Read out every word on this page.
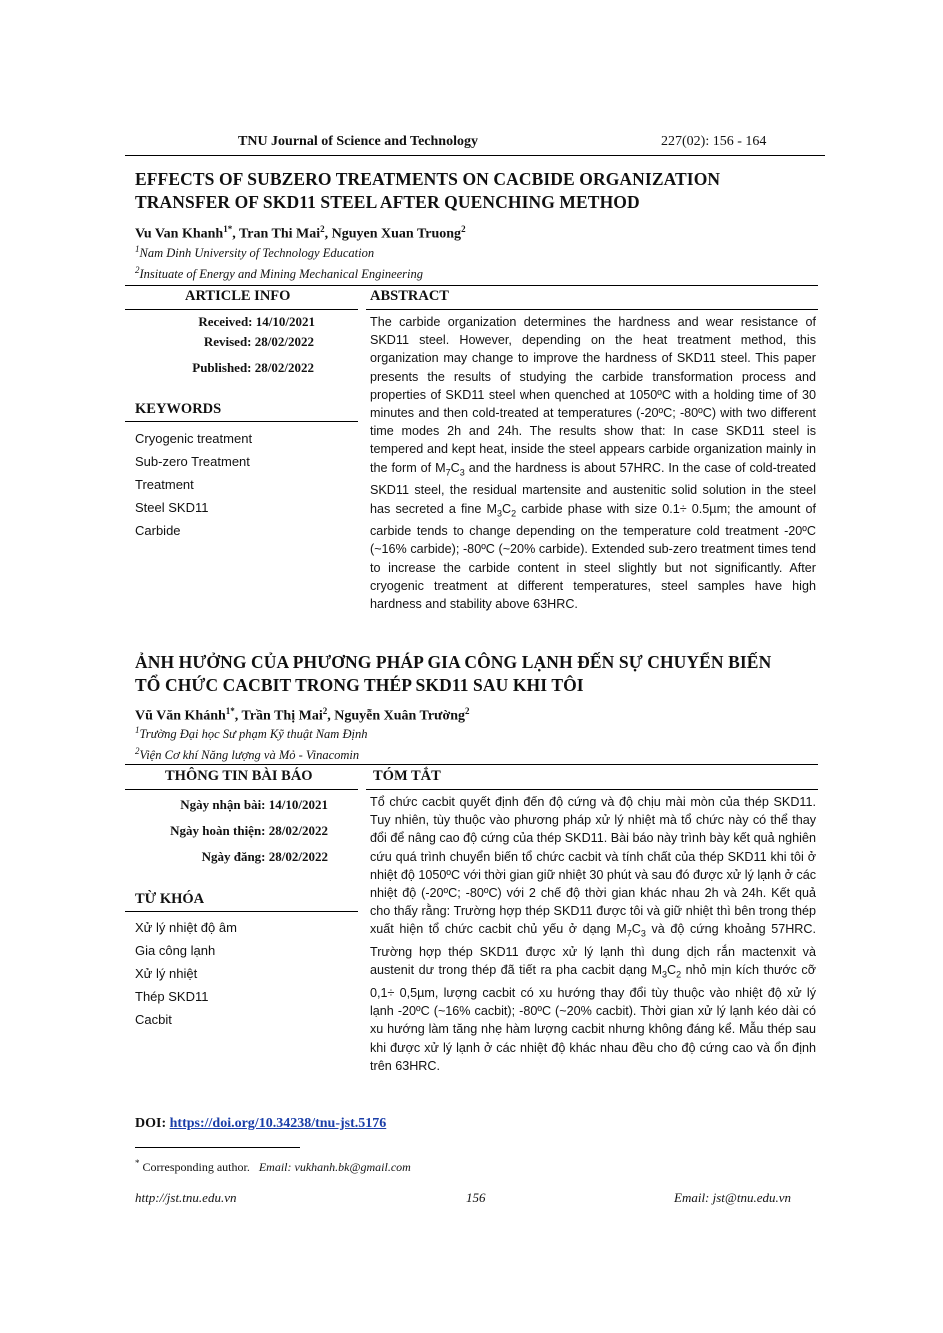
TNU Journal of Science and Technology	227(02): 156 - 164
EFFECTS OF SUBZERO TREATMENTS ON CACBIDE ORGANIZATION
TRANSFER OF SKD11 STEEL AFTER QUENCHING METHOD
Vu Van Khanh$^{1*}$, Tran Thi Mai$^2$, Nguyen Xuan Truong$^2$
$^1$Nam Dinh University of Technology Education
$^2$Insituate of Energy and Mining Mechanical Engineering
ARTICLE INFO	ABSTRACT
Received: 14/10/2021
Revised: 28/02/2022
Published: 28/02/2022
KEYWORDS
Cryogenic treatment
Sub-zero Treatment
Treatment
Steel SKD11
Carbide
The carbide organization determines the hardness and wear resistance of SKD11 steel. However, depending on the heat treatment method, this organization may change to improve the hardness of SKD11 steel. This paper presents the results of studying the carbide transformation process and properties of SKD11 steel when quenched at 1050ºC with a holding time of 30 minutes and then cold-treated at temperatures (-20ºC; -80ºC) with two different time modes 2h and 24h. The results show that: In case SKD11 steel is tempered and kept heat, inside the steel appears carbide organization mainly in the form of $M_7C_3$ and the hardness is about 57HRC. In the case of cold-treated SKD11 steel, the residual martensite and austenitic solid solution in the steel has secreted a fine $M_3C_2$ carbide phase with size 0.1÷ 0.5µm; the amount of carbide tends to change depending on the temperature cold treatment -20ºC (~16% carbide); -80ºC (~20% carbide). Extended sub-zero treatment times tend to increase the carbide content in steel slightly but not significantly. After cryogenic treatment at different temperatures, steel samples have high hardness and stability above 63HRC.
ẢNH HƯỞNG CỦA PHƯƠNG PHÁP GIA CÔNG LẠNH ĐẾN SỰ CHUYỂN BIẾN
TỔ CHỨC CACBIT TRONG THÉP SKD11 SAU KHI TÔI
Vũ Văn Khánh$^{1*}$, Trần Thị Mai$^2$, Nguyễn Xuân Trường$^2$
$^1$Trường Đại học Sư phạm Kỹ thuật Nam Định
$^2$Viện Cơ khí Năng lượng và Mỏ - Vinacomin
THÔNG TIN BÀI BÁO	TÓM TẮT
Ngày nhận bài: 14/10/2021
Ngày hoàn thiện: 28/02/2022
Ngày đăng: 28/02/2022
TỪ KHÓA
Xử lý nhiệt độ âm
Gia công lạnh
Xử lý nhiệt
Thép SKD11
Cacbit
Tổ chức cacbit quyết định đến độ cứng và độ chịu mài mòn của thép SKD11. Tuy nhiên, tùy thuộc vào phương pháp xử lý nhiệt mà tổ chức này có thể thay đổi để nâng cao độ cứng của thép SKD11. Bài báo này trình bày kết quả nghiên cứu quá trình chuyển biến tổ chức cacbit và tính chất của thép SKD11 khi tôi ở nhiệt độ 1050ºC với thời gian giữ nhiệt 30 phút và sau đó được xử lý lạnh ở các nhiệt độ (-20ºC; -80ºC) với 2 chế độ thời gian khác nhau 2h và 24h. Kết quả cho thấy rằng: Trường hợp thép SKD11 được tôi và giữ nhiệt thì bên trong thép xuất hiện tổ chức cacbit chủ yếu ở dạng $M_7C_3$ và độ cứng khoảng 57HRC. Trường hợp thép SKD11 được xử lý lạnh thì dung dịch rắn mactenxit và austenit dư trong thép đã tiết ra pha cacbit dạng $M_3C_2$ nhỏ mịn kích thước cỡ 0,1÷ 0,5µm, lượng cacbit có xu hướng thay đổi tùy thuộc vào nhiệt độ xử lý lạnh -20ºC (~16% cacbit); -80ºC (~20% cacbit). Thời gian xử lý lạnh kéo dài có xu hướng làm tăng nhẹ hàm lượng cacbit nhưng không đáng kể. Mẫu thép sau khi được xử lý lạnh ở các nhiệt độ khác nhau đều cho độ cứng cao và ổn định trên 63HRC.
DOI: https://doi.org/10.34238/tnu-jst.5176
* Corresponding author. Email: vukhanh.bk@gmail.com
http://jst.tnu.edu.vn	156	Email: jst@tnu.edu.vn
